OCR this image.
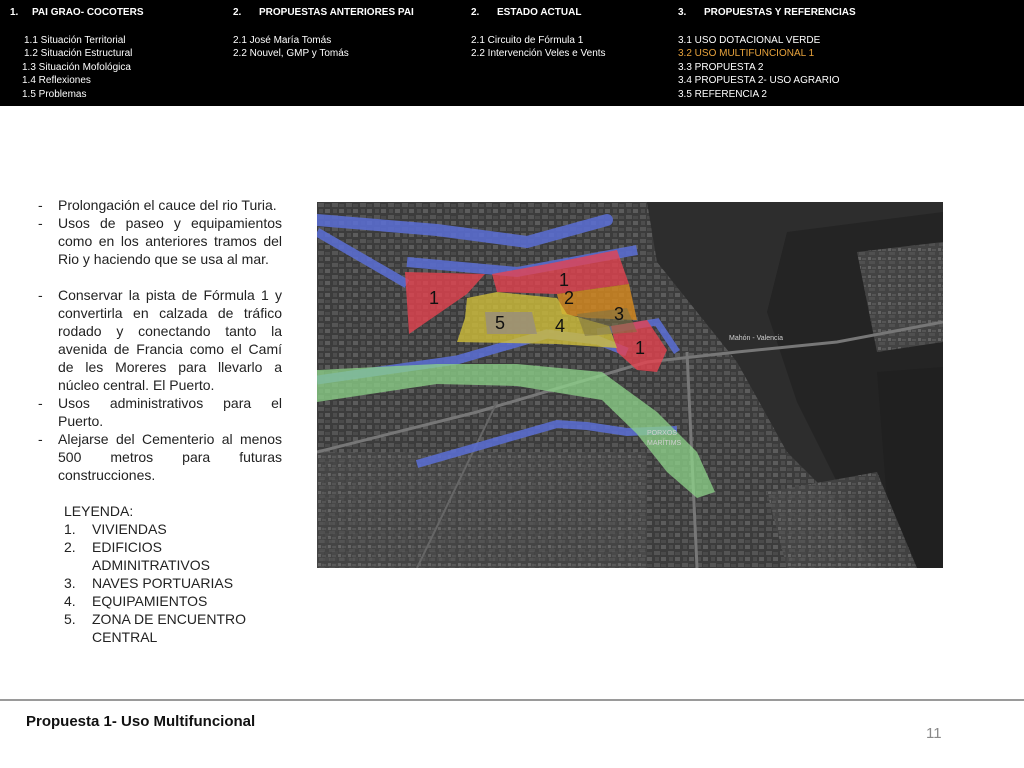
1. PAI GRAO- COCOTERS
1.1 Situación Territorial
1.2 Situación Estructural
1.3 Situación Mofológica
1.4 Reflexiones
1.5 Problemas
2. PROPUESTAS ANTERIORES PAI
2.1 José María Tomás
2.2 Nouvel, GMP y Tomás
2. ESTADO ACTUAL
2.1 Circuito de Fórmula 1
2.2 Intervención Veles e Vents
3. PROPUESTAS Y REFERENCIAS
3.1 USO DOTACIONAL VERDE
3.2 USO MULTIFUNCIONAL 1
3.3 PROPUESTA 2
3.4 PROPUESTA 2- USO AGRARIO
3.5 REFERENCIA 2
-	Prolongación el cauce del rio Turia.
-	Usos de paseo y equipamientos como en los anteriores tramos del Rio y haciendo que se usa al mar.
-	Conservar la pista de Fórmula 1 y convertirla en calzada de tráfico rodado y conectando tanto la avenida de Francia como el Camí de les Moreres para llevarlo a núcleo central. El Puerto.
-	Usos administrativos para el Puerto.
-	Alejarse del Cementerio al menos 500 metros para futuras construcciones.
LEYENDA:
1.	VIVIENDAS
2.	EDIFICIOS ADMINITRATIVOS
3.	NAVES PORTUARIAS
4.	EQUIPAMIENTOS
5.	ZONA DE ENCUENTRO CENTRAL
1
1
1
2
3
4
5
Mahón - Valencia
PORXOS
MARÍTIMS
Propuesta 1- Uso Multifuncional
11
